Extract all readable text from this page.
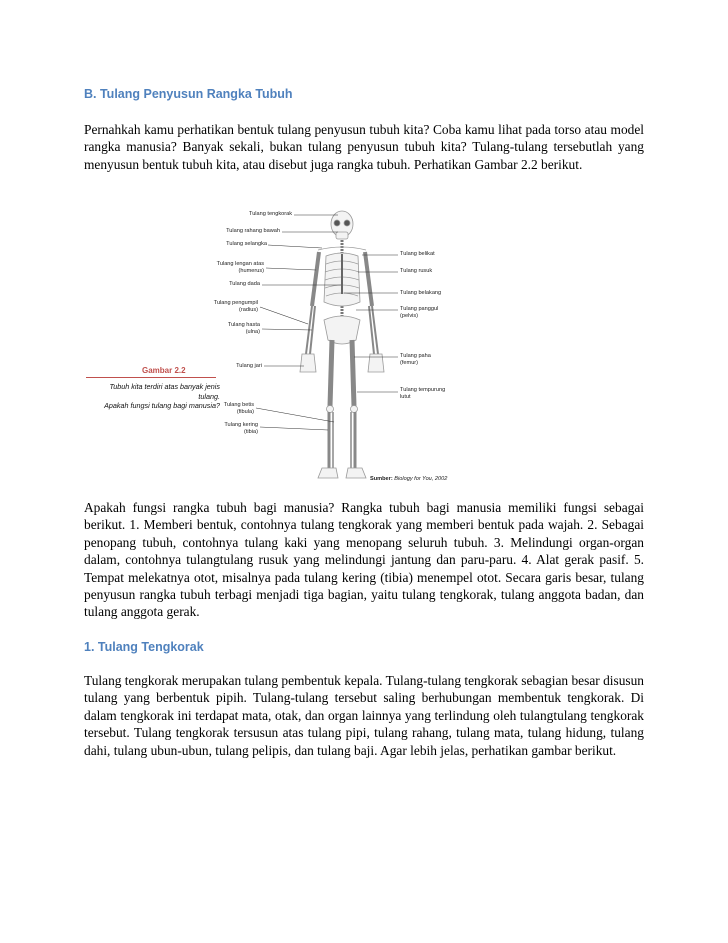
B. Tulang Penyusun Rangka Tubuh

Pernahkah kamu perhatikan bentuk tulang penyusun tubuh kita? Coba kamu lihat pada torso atau model rangka manusia? Banyak sekali, bukan tulang penyusun tubuh kita? Tulang-tulang tersebutlah yang menyusun bentuk tubuh kita, atau disebut juga rangka tubuh. Perhatikan Gambar 2.2 berikut.

Tulang tengkorak
Tulang rahang bawah
Tulang selangka
Tulang lengan atas
(humerus)
Tulang dada
Tulang pengumpil
(radius)
Tulang hasta
(ulna)
Tulang jari
Tulang betis
(fibula)
Tulang kering
(tibia)
Tulang belikat
Tulang rusuk
Tulang belakang
Tulang panggul
(pelvis)
Tulang paha
(femur)
Tulang tempurung
lutut
Gambar 2.2
Tubuh kita terdiri atas banyak jenis tulang.
Apakah fungsi tulang bagi manusia?
Sumber: Biology for You, 2002

Apakah fungsi rangka tubuh bagi manusia? Rangka tubuh bagi manusia memiliki fungsi sebagai berikut. 1. Memberi bentuk, contohnya tulang tengkorak yang memberi bentuk pada wajah. 2. Sebagai penopang tubuh, contohnya tulang kaki yang menopang seluruh tubuh. 3. Melindungi organ-organ dalam, contohnya tulangtulang rusuk yang melindungi jantung dan paru-paru. 4. Alat gerak pasif. 5. Tempat melekatnya otot, misalnya pada tulang kering (tibia) menempel otot. Secara garis besar, tulang penyusun rangka tubuh terbagi menjadi tiga bagian, yaitu tulang tengkorak, tulang anggota badan, dan tulang anggota gerak.

1. Tulang Tengkorak

Tulang tengkorak merupakan tulang pembentuk kepala. Tulang-tulang tengkorak sebagian besar disusun tulang yang berbentuk pipih. Tulang-tulang tersebut saling berhubungan membentuk tengkorak. Di dalam tengkorak ini terdapat mata, otak, dan organ lainnya yang terlindung oleh tulangtulang tengkorak tersebut. Tulang tengkorak tersusun atas tulang pipi, tulang rahang, tulang mata, tulang hidung, tulang dahi, tulang ubun-ubun, tulang pelipis, dan tulang baji. Agar lebih jelas, perhatikan gambar berikut.
